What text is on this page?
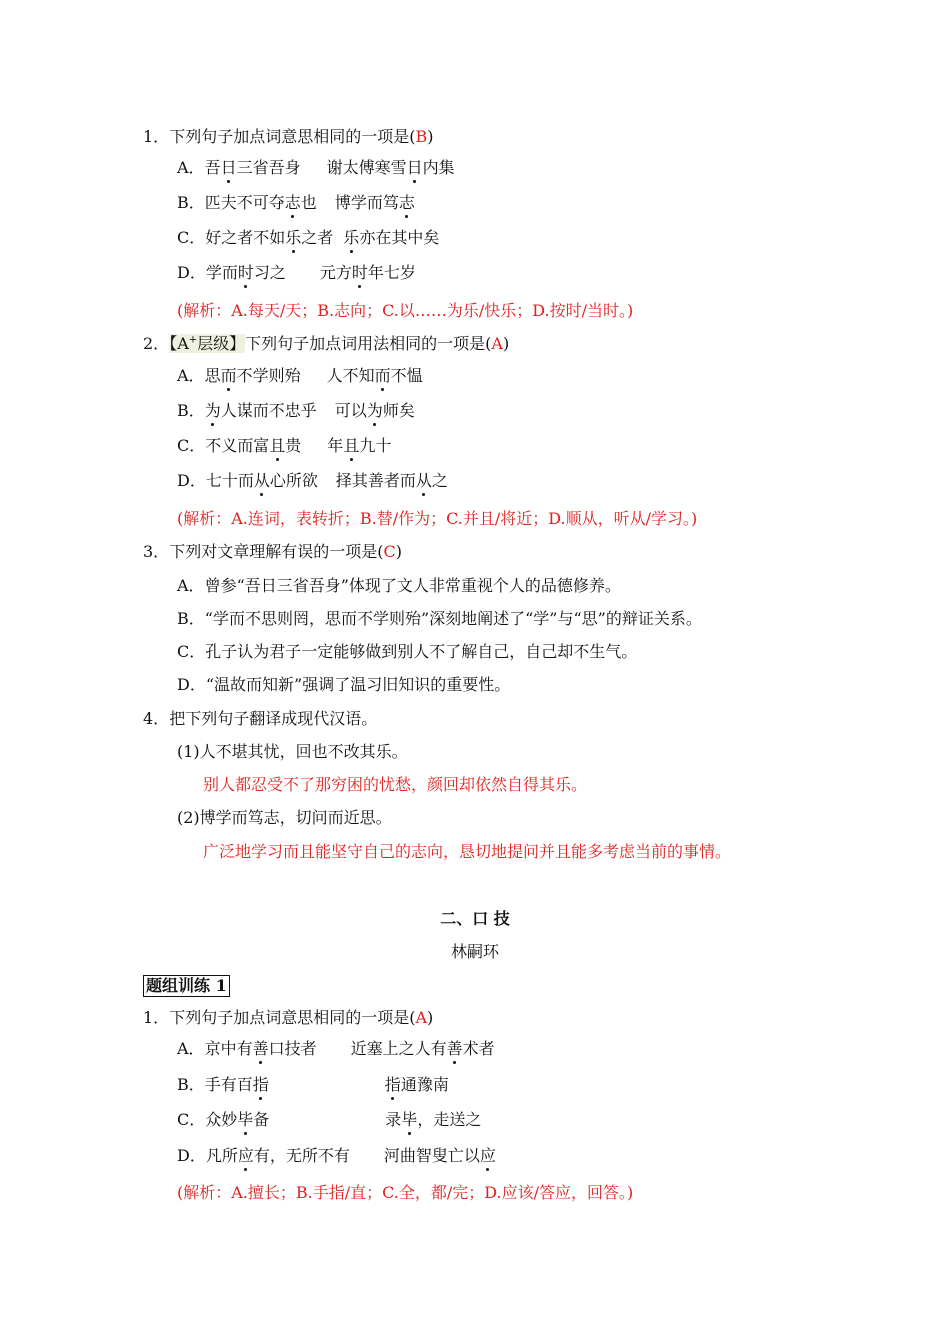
1．下列句子加点词意思相同的一项是(B)
A．吾日三省吾身 谢太傅寒雪日内集
B．匹夫不可夺志也 博学而笃志
C．好之者不如乐之者 乐亦在其中矣
D．学而时习之 元方时年七岁
(解析：A.每天/天；B.志向；C.以……为乐/快乐；D.按时/当时。)
2．【A+层级】下列句子加点词用法相同的一项是(A)
A．思而不学则殆 人不知而不愠
B．为人谋而不忠乎 可以为师矣
C．不义而富且贵 年且九十
D．七十而从心所欲 择其善者而从之
(解析：A.连词，表转折；B.替/作为；C.并且/将近；D.顺从，听从/学习。)
3．下列对文章理解有误的一项是(C)
A．曾参“吾日三省吾身”体现了文人非常重视个人的品德修养。
B．“学而不思则罔，思而不学则殆”深刻地阐述了“学”与“思”的辩证关系。
C．孔子认为君子一定能够做到别人不了解自己，自己却不生气。
D．“温故而知新”强调了温习旧知识的重要性。
4．把下列句子翻译成现代汉语。
(1)人不堪其忧，回也不改其乐。
别人都忍受不了那穷困的忧愁，颜回却依然自得其乐。
(2)博学而笃志，切问而近思。
广泛地学习而且能坚守自己的志向，恳切地提问并且能多考虑当前的事情。
二、口 技
林嗣环
题组训练 1
1．下列句子加点词意思相同的一项是(A)
A．京中有善口技者 近塞上之人有善术者
B．手有百指	指通豫南
C．众妙毕备	录毕，走送之
D．凡所应有，无所不有 河曲智叟亡以应
(解析：A.擅长；B.手指/直；C.全，都/完；D.应该/答应，回答。)
